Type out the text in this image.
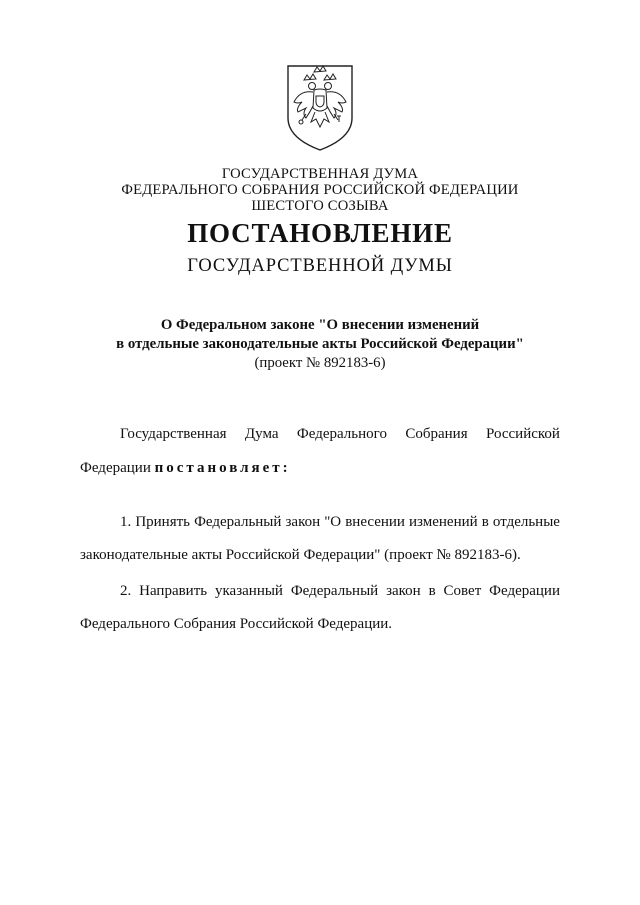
ГОСУДАРСТВЕННАЯ ДУМА
ФЕДЕРАЛЬНОГО СОБРАНИЯ РОССИЙСКОЙ ФЕДЕРАЦИИ
ШЕСТОГО СОЗЫВА
ПОСТАНОВЛЕНИЕ
ГОСУДАРСТВЕННОЙ ДУМЫ
О Федеральном законе "О внесении изменений
в отдельные законодательные акты Российской Федерации"
(проект № 892183-6)
Государственная Дума Федерального Собрания Российской
Федерации постановляет:
1. Принять Федеральный закон "О внесении изменений в отдельные
законодательные акты Российской Федерации" (проект № 892183-6).
2. Направить указанный Федеральный закон в Совет Федерации
Федерального Собрания Российской Федерации.
